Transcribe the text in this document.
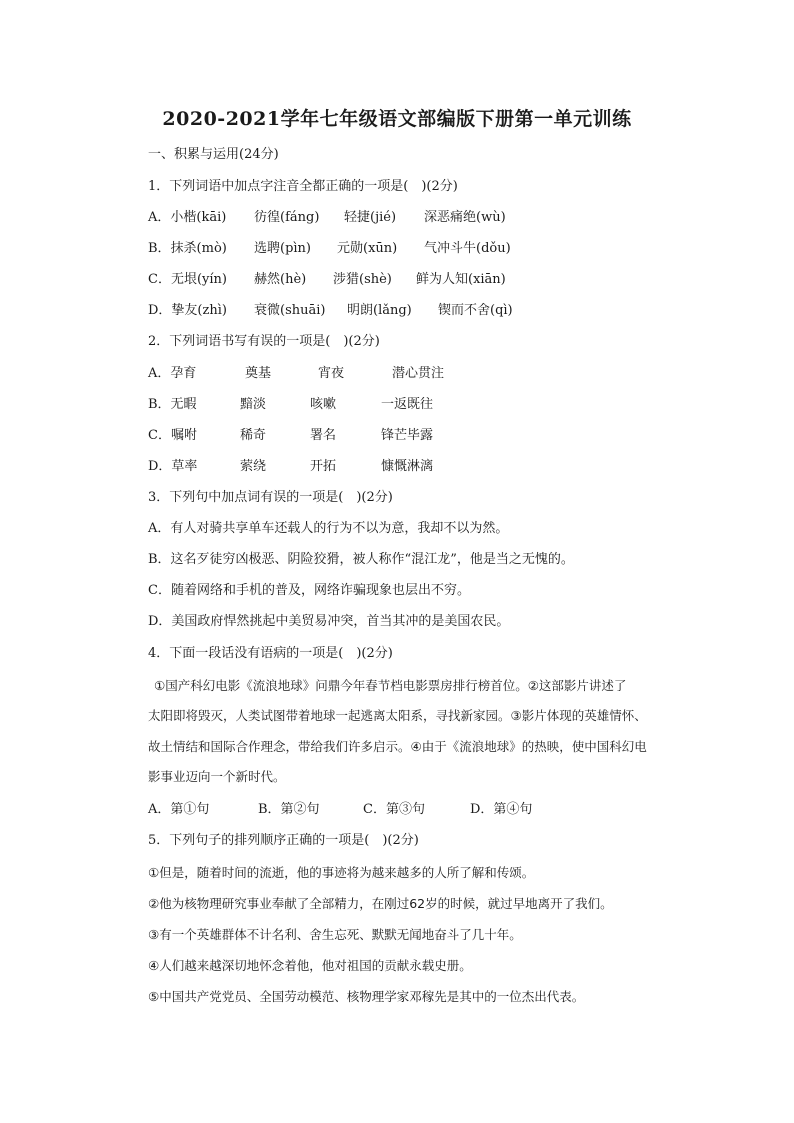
2020-2021学年七年级语文部编版下册第一单元训练
一、积累与运用(24分)
1．下列词语中加点字注音全都正确的一项是(　)(2分)
A．小楷(kāi) 彷徨(fáng) 轻捷(jié) 深恶痛绝(wù)
B．抹杀(mò) 选聘(pìn) 元勋(xūn) 气冲斗牛(dǒu)
C．无垠(yín) 赫然(hè) 涉猎(shè) 鲜为人知(xiān)
D．挚友(zhì) 衰微(shuāi) 明朗(lǎng) 锲而不舍(qì)
2．下列词语书写有误的一项是(　)(2分)
A．孕育	奠基	宵夜	潜心贯注
B．无暇	黯淡	咳嗽	一返既往
C．嘱咐	稀奇	署名	锋芒毕露
D．草率	萦绕	开拓	慷慨淋漓
3．下列句中加点词有误的一项是(　)(2分)
A．有人对骑共享单车还载人的行为不以为意，我却不以为然。
B．这名歹徒穷凶极恶、阴险狡猾，被人称作“混江龙”，他是当之无愧的。
C．随着网络和手机的普及，网络诈骗现象也层出不穷。
D．美国政府悍然挑起中美贸易冲突，首当其冲的是美国农民。
4．下面一段话没有语病的一项是(　)(2分)
①国产科幻电影《流浪地球》问鼎今年春节档电影票房排行榜首位。②这部影片讲述了
太阳即将毁灭，人类试图带着地球一起逃离太阳系，寻找新家园。③影片体现的英雄情怀、
故土情结和国际合作理念，带给我们许多启示。④由于《流浪地球》的热映，使中国科幻电
影事业迈向一个新时代。
A．第①句	B．第②句	C．第③句	D．第④句
5．下列句子的排列顺序正确的一项是(　)(2分)
①但是，随着时间的流逝，他的事迹将为越来越多的人所了解和传颂。
②他为核物理研究事业奉献了全部精力，在刚过62岁的时候，就过早地离开了我们。
③有一个英雄群体不计名利、舍生忘死、默默无闻地奋斗了几十年。
④人们越来越深切地怀念着他，他对祖国的贡献永载史册。
⑤中国共产党党员、全国劳动模范、核物理学家邓稼先是其中的一位杰出代表。
